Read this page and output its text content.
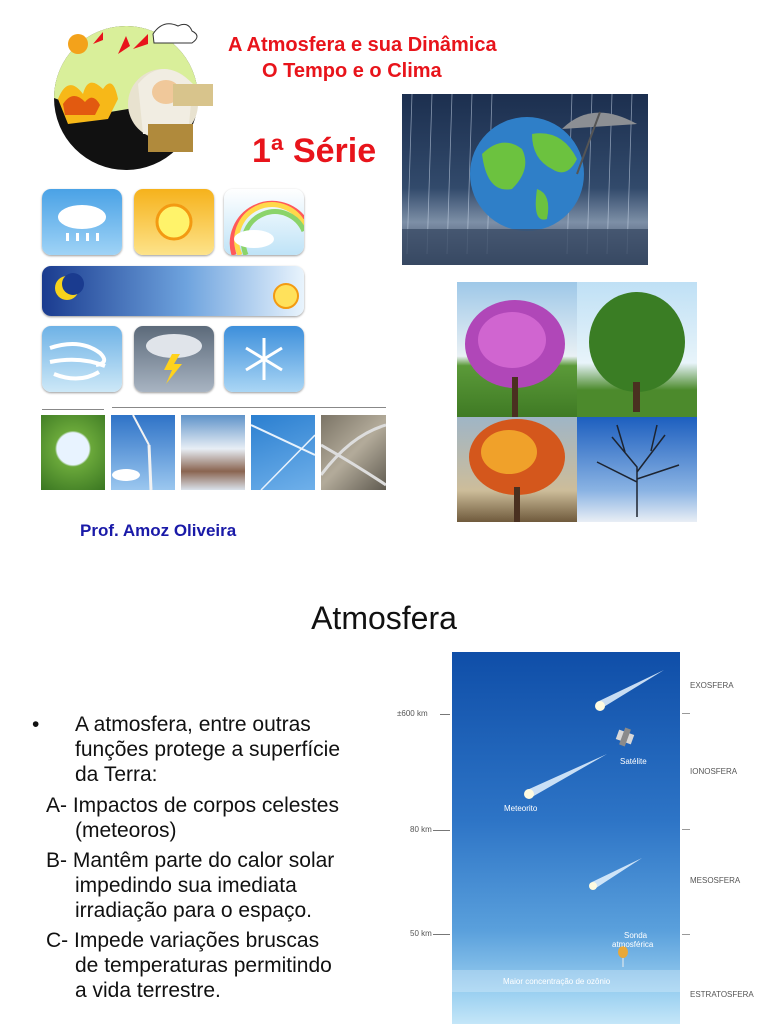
A Atmosfera e sua Dinâmica
O Tempo e o Clima
1ª Série
Prof. Amoz Oliveira
Atmosfera
• A atmosfera, entre outras
funções protege a superfície
da Terra:
A- Impactos de corpos celestes
(meteoros)
B- Mantêm parte do calor solar
impedindo sua imediata
irradiação para o espaço.
C- Impede variações bruscas
de temperaturas permitindo
a vida terrestre.
Satélite
Meteorito
Sonda
atmosférica
Maior concentração de ozônio
±600 km
80 km
50 km
EXOSFERA
IONOSFERA
MESOSFERA
ESTRATOSFERA
